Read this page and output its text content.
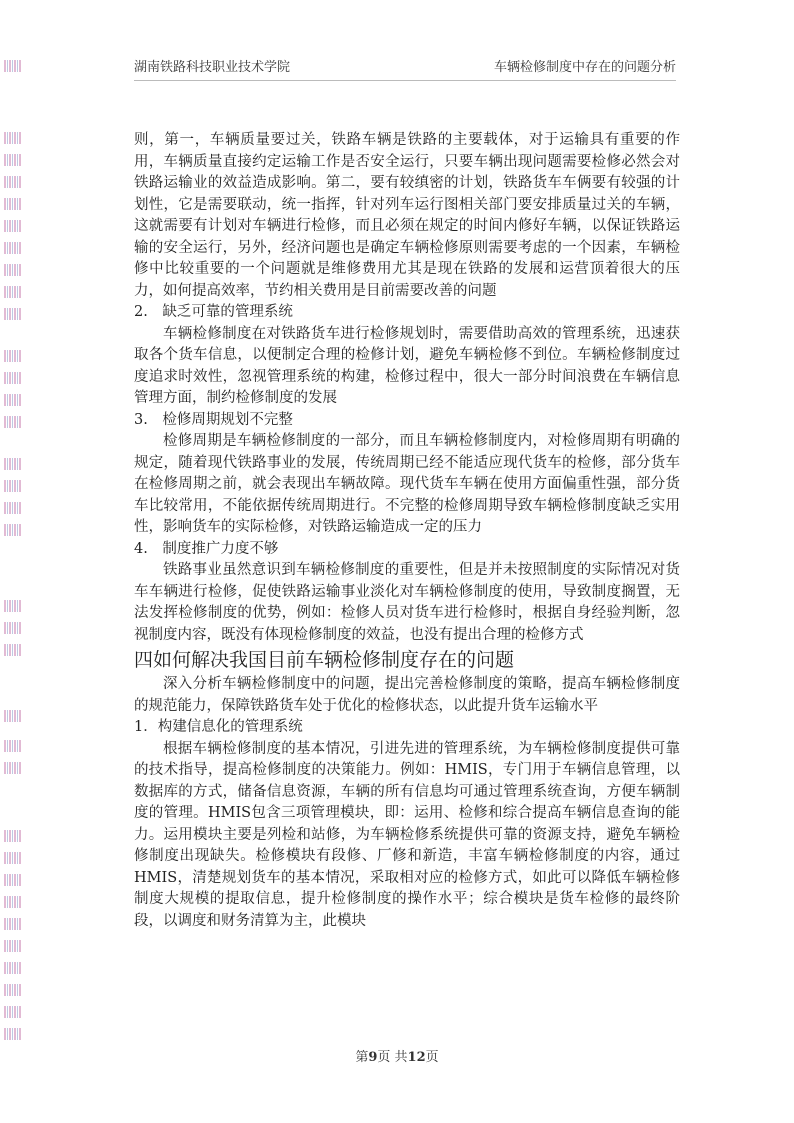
湖南铁路科技职业技术学院	车辆检修制度中存在的问题分析

则，第一，车辆质量要过关，铁路车辆是铁路的主要载体，对于运输具有重要的作用，车辆质量直接约定运输工作是否安全运行，只要车辆出现问题需要检修必然会对铁路运输业的效益造成影响。第二，要有较缜密的计划，铁路货车车俩要有较强的计划性，它是需要联动，统一指挥，针对列车运行图相关部门要安排质量过关的车辆，这就需要有计划对车辆进行检修，而且必须在规定的时间内修好车辆，以保证铁路运输的安全运行，另外，经济问题也是确定车辆检修原则需要考虑的一个因素，车辆检修中比较重要的一个问题就是维修费用尤其是现在铁路的发展和运营顶着很大的压力，如何提高效率，节约相关费用是目前需要改善的问题

2.　缺乏可靠的管理系统

车辆检修制度在对铁路货车进行检修规划时，需要借助高效的管理系统，迅速获取各个货车信息，以便制定合理的检修计划，避免车辆检修不到位。车辆检修制度过度追求时效性，忽视管理系统的构建，检修过程中，很大一部分时间浪费在车辆信息管理方面，制约检修制度的发展

3.　检修周期规划不完整

检修周期是车辆检修制度的一部分，而且车辆检修制度内，对检修周期有明确的规定，随着现代铁路事业的发展，传统周期已经不能适应现代货车的检修，部分货车在检修周期之前，就会表现出车辆故障。现代货车车辆在使用方面偏重性强，部分货车比较常用，不能依据传统周期进行。不完整的检修周期导致车辆检修制度缺乏实用性，影响货车的实际检修，对铁路运输造成一定的压力

4.　制度推广力度不够

铁路事业虽然意识到车辆检修制度的重要性，但是并未按照制度的实际情况对货车车辆进行检修，促使铁路运输事业淡化对车辆检修制度的使用，导致制度搁置，无法发挥检修制度的优势，例如：检修人员对货车进行检修时，根据自身经验判断，忽视制度内容，既没有体现检修制度的效益，也没有提出合理的检修方式

四如何解决我国目前车辆检修制度存在的问题

深入分析车辆检修制度中的问题，提出完善检修制度的策略，提高车辆检修制度的规范能力，保障铁路货车处于优化的检修状态，以此提升货车运输水平

1．构建信息化的管理系统

根据车辆检修制度的基本情况，引进先进的管理系统，为车辆检修制度提供可靠的技术指导，提高检修制度的决策能力。例如：HMIS，专门用于车辆信息管理，以数据库的方式，储备信息资源，车辆的所有信息均可通过管理系统查询，方便车辆制度的管理。HMIS包含三项管理模块，即：运用、检修和综合提高车辆信息查询的能力。运用模块主要是列检和站修，为车辆检修系统提供可靠的资源支持，避免车辆检修制度出现缺失。检修模块有段修、厂修和新造，丰富车辆检修制度的内容，通过HMIS，清楚规划货车的基本情况，采取相对应的检修方式，如此可以降低车辆检修制度大规模的提取信息，提升检修制度的操作水平；综合模块是货车检修的最终阶段，以调度和财务清算为主，此模块

第9页 共12页
